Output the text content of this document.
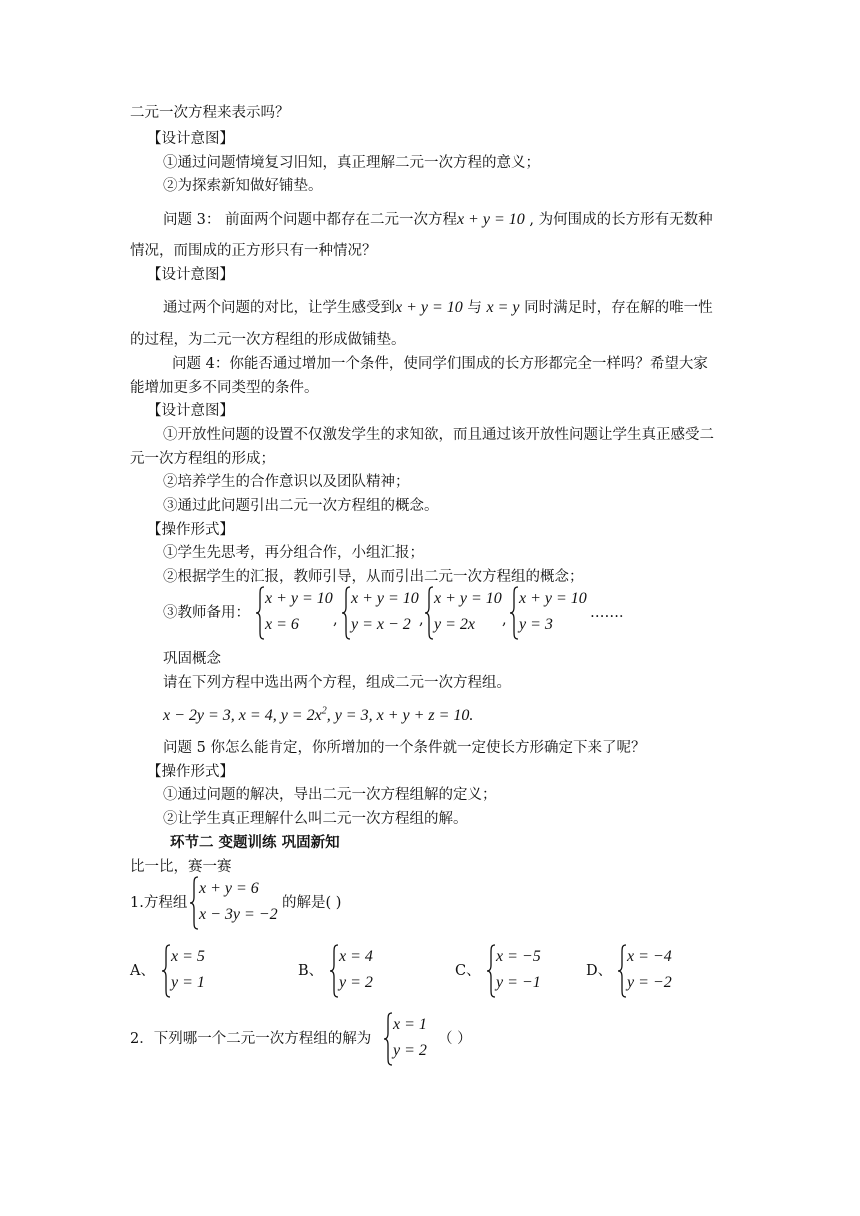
二元一次方程来表示吗？
【设计意图】
①通过问题情境复习旧知，真正理解二元一次方程的意义；
②为探索新知做好铺垫。
问题 3： 前面两个问题中都存在二元一次方程x + y = 10 , 为何围成的长方形有无数种
情况，而围成的正方形只有一种情况？
【设计意图】
通过两个问题的对比，让学生感受到x + y = 10 与 x = y 同时满足时，存在解的唯一性
的过程，为二元一次方程组的形成做铺垫。
问题 4：你能否通过增加一个条件，使同学们围成的长方形都完全一样吗？希望大家
能增加更多不同类型的条件。
【设计意图】
①开放性问题的设置不仅激发学生的求知欲，而且通过该开放性问题让学生真正感受二
元一次方程组的形成；
②培养学生的合作意识以及团队精神；
③通过此问题引出二元一次方程组的概念。
【操作形式】
①学生先思考，再分组合作，小组汇报；
②根据学生的汇报，教师引导，从而引出二元一次方程组的概念；
③教师备用：
x + y = 10
x = 6 ,
x + y = 10
y = x − 2 ,
x + y = 10
y = 2x ,
x + y = 10
y = 3
……．
巩固概念
请在下列方程中选出两个方程，组成二元一次方程组。
x − 2y = 3, x = 4, $y = 2x^2$, y = 3, x + y + z = 10.
问题 5 你怎么能肯定，你所增加的一个条件就一定使长方形确定下来了呢？
【操作形式】
①通过问题的解决，导出二元一次方程组解的定义；
②让学生真正理解什么叫二元一次方程组的解。
环节二 变题训练 巩固新知
比一比，赛一赛
1.方程组
x + y = 6
x − 3y = −2
的解是( )
A、
x = 5
y = 1
B、
x = 4
y = 2
C、
x = −5
y = −1
D、
x = −4
y = −2
2．下列哪一个二元一次方程组的解为
x = 1
y = 2
（ ）
